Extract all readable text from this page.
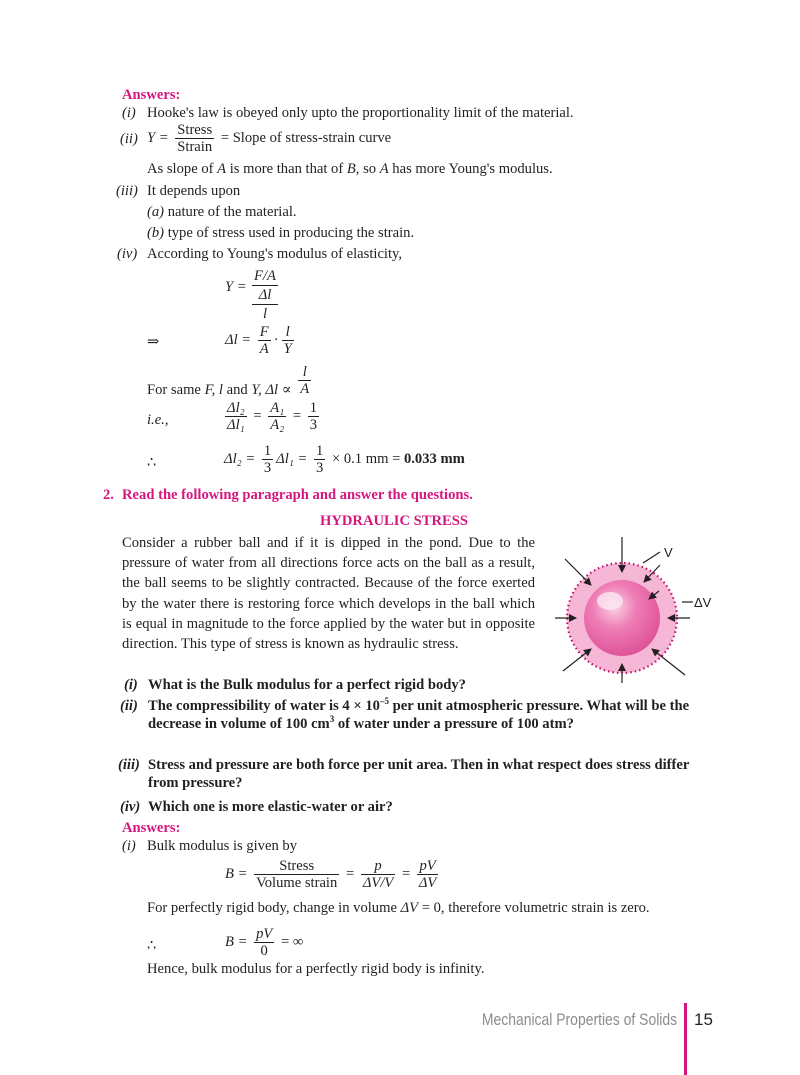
Answers:
(i) Hooke's law is obeyed only upto the proportionality limit of the material.
(ii) $Y = \frac{\text{Stress}}{\text{Strain}}$ = Slope of stress-strain curve
As slope of A is more than that of B, so A has more Young's modulus.
(iii) It depends upon
(a) nature of the material.
(b) type of stress used in producing the strain.
(iv) According to Young's modulus of elasticity,
Y =
F/A
Δl
l
⇒	$\Delta l = \frac{F}{A} \cdot \frac{l}{Y}$
For same F, l and Y, $\Delta l \propto \frac{l}{A}$
i.e.,	$\frac{\text{Δl₂}}{\text{Δl₁}} = \frac{\text{A₁}}{\text{A₂}} = \frac{1}{3}$
∴	$\Delta l_2 = \frac{1}{3} \Delta l_1 = \frac{1}{3} \times 0.1$ mm = 0.033 mm
2. Read the following paragraph and answer the questions.
HYDRAULIC STRESS
Consider a rubber ball and if it is dipped in the pond. Due to the pressure of water from all directions force acts on the ball as a result, the ball seems to be slightly contracted. Because of the force exerted by the water there is restoring force which develops in the ball which is equal in magnitude to the force applied by the water but in opposite direction. This type of stress is known as hydraulic stress.
V
ΔV
(i) What is the Bulk modulus for a perfect rigid body?
(ii) The compressibility of water is $4 \times 10^{-5}$ per unit atmospheric pressure. What will be the decrease in volume of 100 $cm^3$ of water under a pressure of 100 atm?
(iii) Stress and pressure are both force per unit area. Then in what respect does stress differ from pressure?
(iv) Which one is more elastic-water or air?
Answers:
(i) Bulk modulus is given by
$B = \frac{\text{Stress}}{\text{Volume strain}} = \frac{p}{\Delta V/V} = \frac{pV}{\Delta V}$
For perfectly rigid body, change in volume ΔV = 0, therefore volumetric strain is zero.
∴	$B = \frac{pV}{0}$ = ∞
Hence, bulk modulus for a perfectly rigid body is infinity.
Mechanical Properties of Solids 15
